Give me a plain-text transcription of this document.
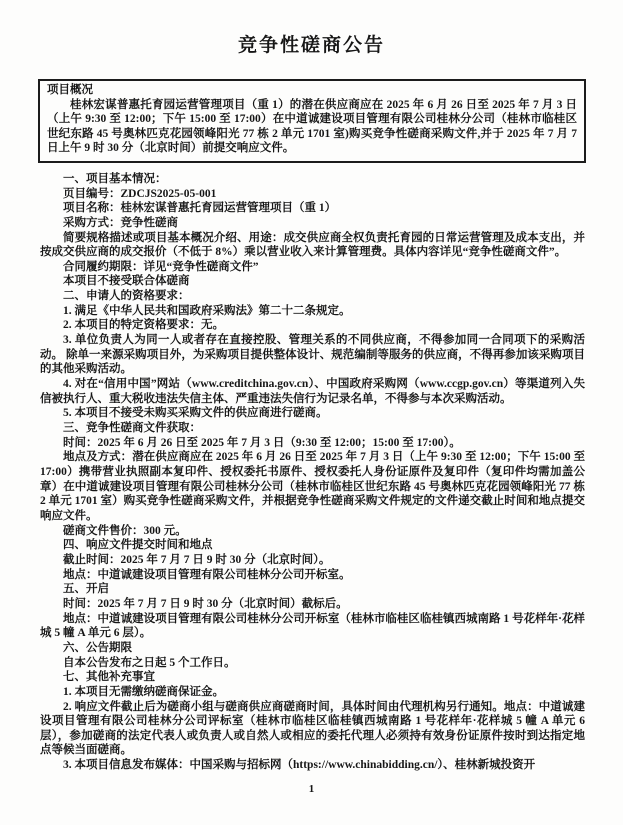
竞争性磋商公告
项目概况

桂林宏谋普惠托育园运营管理项目（重 1）的潜在供应商应在 2025 年 6 月 26 日至 2025 年 7 月 3 日（上午 9:30 至 12:00；下午 15:00 至 17:00）在中道诚建设项目管理有限公司桂林分公司（桂林市临桂区世纪东路 45 号奥林匹克花园领峰阳光 77 栋 2 单元 1701 室)购买竞争性磋商采购文件,并于 2025 年 7 月 7 日上午 9 时 30 分（北京时间）前提交响应文件。

一、项目基本情况：

页目编号：ZDCJS2025-05-001

项目名称：桂林宏谋普惠托育园运营管理项目（重 1）

采购方式：竞争性磋商

简要规格描述或项目基本概况介绍、用途：成交供应商全权负责托育园的日常运营管理及成本支出，并按成交供应商的成交报价（不低于 8%）乘以营业收入来计算管理费。具体内容详见“竞争性磋商文件”。

合同履约期限：详见“竞争性磋商文件”

本项目不接受联合体磋商

二、申请人的资格要求：

1. 满足《中华人民共和国政府采购法》第二十二条规定。

2. 本项目的特定资格要求：无。

3. 单位负责人为同一人或者存在直接控股、管理关系的不同供应商，不得参加同一合同项下的采购活动。 除单一来源采购项目外，为采购项目提供整体设计、规范编制等服务的供应商，不得再参加该采购项目的其他采购活动。

4. 对在“信用中国”网站（www.creditchina.gov.cn）、中国政府采购网（www.ccgp.gov.cn）等渠道列入失信被执行人、重大税收违法失信主体、严重违法失信行为记录名单，不得参与本次采购活动。

5. 本项目不接受未购买采购文件的供应商进行磋商。

三、竞争性磋商文件获取：

时间：2025 年 6 月 26 日至 2025 年 7 月 3 日（9:30 至 12:00；15:00 至 17:00）。

地点及方式：潜在供应商应在 2025 年 6 月 26 日至 2025 年 7 月 3 日（上午 9:30 至 12:00；下午 15:00 至 17:00）携带营业执照副本复印件、授权委托书原件、授权委托人身份证原件及复印件（复印件均需加盖公章）在中道诚建设项目管理有限公司桂林分公司（桂林市临桂区世纪东路 45 号奥林匹克花园领峰阳光 77 栋 2 单元 1701 室）购买竞争性磋商采购文件，并根据竞争性磋商采购文件规定的文件递交截止时间和地点提交响应文件。

磋商文件售价：300 元。

四、响应文件提交时间和地点

截止时间：2025 年 7 月 7 日 9 时 30 分（北京时间）。

地点：中道诚建设项目管理有限公司桂林分公司开标室。

五、开启

时间：2025 年 7 月 7 日 9 时 30 分（北京时间）截标后。

地点：中道诚建设项目管理有限公司桂林分公司开标室（桂林市临桂区临桂镇西城南路 1 号花样年·花样城 5 幢 A 单元 6 层）。

六、公告期限

自本公告发布之日起 5 个工作日。

七、其他补充事宜

1. 本项目无需缴纳磋商保证金。

2. 响应文件截止后为磋商小组与磋商供应商磋商时间，具体时间由代理机构另行通知。地点：中道诚建设项目管理有限公司桂林分公司评标室（桂林市临桂区临桂镇西城南路 1 号花样年·花样城 5 幢 A 单元 6 层），参加磋商的法定代表人或负责人或自然人或相应的委托代理人必须持有效身份证原件按时到达指定地点等候当面磋商。

3. 本项目信息发布媒体：中国采购与招标网（https://www.chinabidding.cn/）、桂林新城投资开

1
